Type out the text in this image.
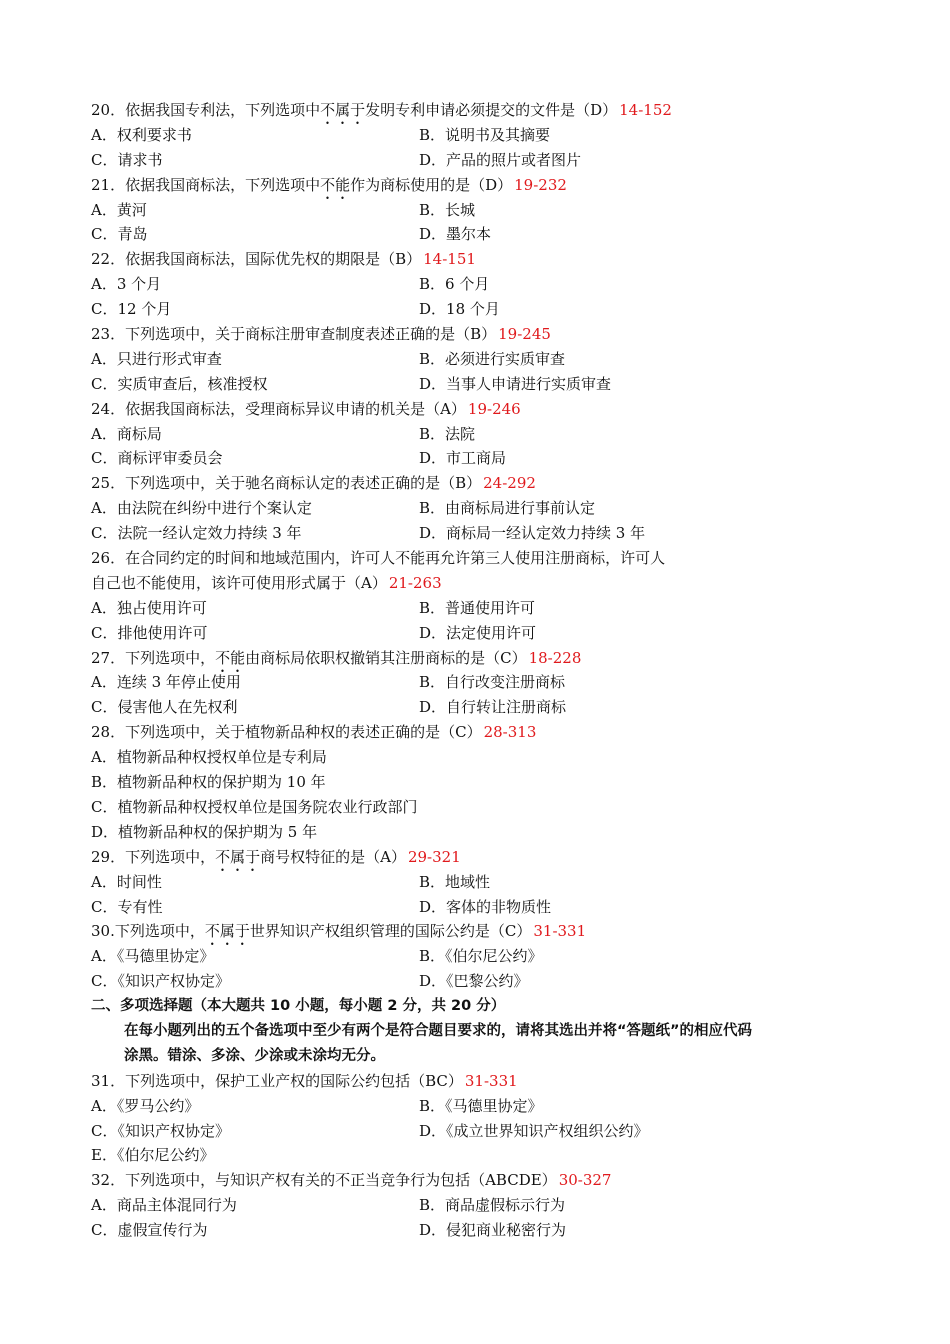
20．依据我国专利法，下列选项中不属于发明专利申请必须提交的文件是（D） 14-152
A．权利要求书	B．说明书及其摘要
C．请求书	D．产品的照片或者图片
21．依据我国商标法，下列选项中不能作为商标使用的是（D） 19-232
A．黄河	B．长城
C．青岛	D．墨尔本
22．依据我国商标法，国际优先权的期限是（B） 14-151
A．3 个月	B．6 个月
C．12 个月	D．18 个月
23．下列选项中，关于商标注册审查制度表述正确的是（B） 19-245
A．只进行形式审查	B．必须进行实质审查
C．实质审查后，核准授权	D．当事人申请进行实质审查
24．依据我国商标法，受理商标异议申请的机关是（A） 19-246
A．商标局	B．法院
C．商标评审委员会	D．市工商局
25．下列选项中，关于驰名商标认定的表述正确的是（B） 24-292
A．由法院在纠纷中进行个案认定	B．由商标局进行事前认定
C．法院一经认定效力持续 3 年	D．商标局一经认定效力持续 3 年
26．在合同约定的时间和地域范围内，许可人不能再允许第三人使用注册商标，许可人
自己也不能使用，该许可使用形式属于（A） 21-263
A．独占使用许可	B．普通使用许可
C．排他使用许可	D．法定使用许可
27．下列选项中，不能由商标局依职权撤销其注册商标的是（C） 18-228
A．连续 3 年停止使用	B．自行改变注册商标
C．侵害他人在先权利	D．自行转让注册商标
28．下列选项中，关于植物新品种权的表述正确的是（C） 28-313
A．植物新品种权授权单位是专利局
B．植物新品种权的保护期为 10 年
C．植物新品种权授权单位是国务院农业行政部门
D．植物新品种权的保护期为 5 年
29．下列选项中，不属于商号权特征的是（A） 29-321
A．时间性	B．地域性
C．专有性	D．客体的非物质性
30.下列选项中，不属于世界知识产权组织管理的国际公约是（C） 31-331
A．《马德里协定》	B．《伯尔尼公约》
C．《知识产权协定》	D．《巴黎公约》
二、多项选择题（本大题共 10 小题，每小题 2 分，共 20 分）
在每小题列出的五个备选项中至少有两个是符合题目要求的，请将其选出并将“答题纸”的相应代码
涂黑。错涂、多涂、少涂或未涂均无分。
31．下列选项中，保护工业产权的国际公约包括（BC） 31-331
A．《罗马公约》	B．《马德里协定》
C．《知识产权协定》	D．《成立世界知识产权组织公约》
E．《伯尔尼公约》
32．下列选项中，与知识产权有关的不正当竞争行为包括（ABCDE） 30-327
A．商品主体混同行为	B．商品虚假标示行为
C．虚假宣传行为	D．侵犯商业秘密行为
